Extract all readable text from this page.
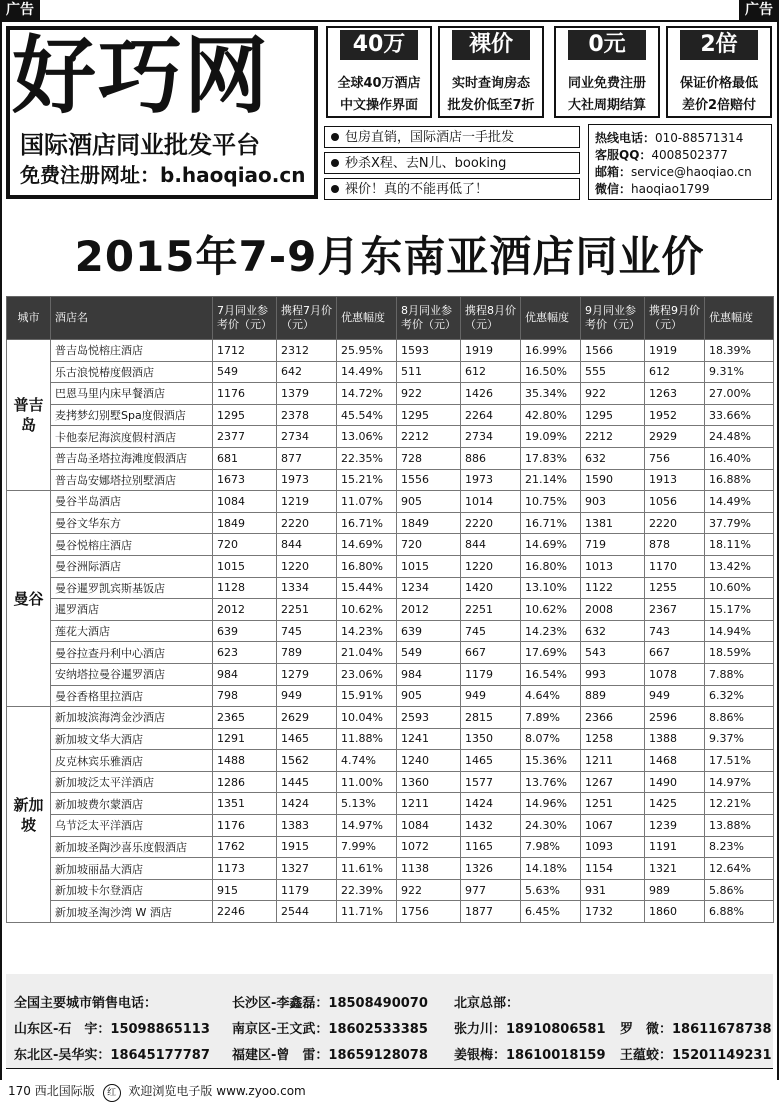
广告	广告
好巧网
国际酒店同业批发平台
免费注册网址：b.haoqiao.cn
40万
全球40万酒店
中文操作界面
裸价
实时查询房态
批发价低至7折
0元
同业免费注册
大社周期结算
2倍
保证价格最低
差价2倍赔付
包房直销，国际酒店一手批发
秒杀X程、去N儿、booking
裸价！真的不能再低了！
热线电话：010-88571314
客服QQ：4008502377
邮箱：service@haoqiao.cn
微信：haoqiao1799
2015年7-9月东南亚酒店同业价
城市	酒店名	7月同业参考价（元）	携程7月价（元）	优惠幅度	8月同业参考价（元）	携程8月价（元）	优惠幅度	9月同业参考价（元）	携程9月价（元）	优惠幅度
普吉岛	普吉岛悦榕庄酒店	1712	2312	25.95%	1593	1919	16.99%	1566	1919	18.39%
	乐古浪悦椿度假酒店	549	642	14.49%	511	612	16.50%	555	612	9.31%
	巴恩马里内床早餐酒店	1176	1379	14.72%	922	1426	35.34%	922	1263	27.00%
	麦拷梦幻别墅Spa度假酒店	1295	2378	45.54%	1295	2264	42.80%	1295	1952	33.66%
	卡他泰尼海滨度假村酒店	2377	2734	13.06%	2212	2734	19.09%	2212	2929	24.48%
	普吉岛圣塔拉海滩度假酒店	681	877	22.35%	728	886	17.83%	632	756	16.40%
	普吉岛安娜塔拉别墅酒店	1673	1973	15.21%	1556	1973	21.14%	1590	1913	16.88%
曼谷	曼谷半岛酒店	1084	1219	11.07%	905	1014	10.75%	903	1056	14.49%
	曼谷文华东方	1849	2220	16.71%	1849	2220	16.71%	1381	2220	37.79%
	曼谷悦榕庄酒店	720	844	14.69%	720	844	14.69%	719	878	18.11%
	曼谷洲际酒店	1015	1220	16.80%	1015	1220	16.80%	1013	1170	13.42%
	曼谷暹罗凯宾斯基饭店	1128	1334	15.44%	1234	1420	13.10%	1122	1255	10.60%
	暹罗酒店	2012	2251	10.62%	2012	2251	10.62%	2008	2367	15.17%
	莲花大酒店	639	745	14.23%	639	745	14.23%	632	743	14.94%
	曼谷拉查丹利中心酒店	623	789	21.04%	549	667	17.69%	543	667	18.59%
	安纳塔拉曼谷暹罗酒店	984	1279	23.06%	984	1179	16.54%	993	1078	7.88%
	曼谷香格里拉酒店	798	949	15.91%	905	949	4.64%	889	949	6.32%
新加坡	新加坡滨海湾金沙酒店	2365	2629	10.04%	2593	2815	7.89%	2366	2596	8.86%
	新加坡文华大酒店	1291	1465	11.88%	1241	1350	8.07%	1258	1388	9.37%
	皮克林宾乐雅酒店	1488	1562	4.74%	1240	1465	15.36%	1211	1468	17.51%
	新加坡泛太平洋酒店	1286	1445	11.00%	1360	1577	13.76%	1267	1490	14.97%
	新加坡费尔蒙酒店	1351	1424	5.13%	1211	1424	14.96%	1251	1425	12.21%
	乌节泛太平洋酒店	1176	1383	14.97%	1084	1432	24.30%	1067	1239	13.88%
	新加坡圣陶沙喜乐度假酒店	1762	1915	7.99%	1072	1165	7.98%	1093	1191	8.23%
	新加坡丽晶大酒店	1173	1327	11.61%	1138	1326	14.18%	1154	1321	12.64%
	新加坡卡尔登酒店	915	1179	22.39%	922	977	5.63%	931	989	5.86%
	新加坡圣淘沙湾 W 酒店	2246	2544	11.71%	1756	1877	6.45%	1732	1860	6.88%
全国主要城市销售电话：	长沙区-李鑫磊：18508490070 北京总部：
山东区-石　宇：15098865113 南京区-王文武：18602533385 张力川：18910806581 罗　微：18611678738
东北区-吴华实：18645177787 福建区-曾　雷：18659128078 姜银梅：18610018159 王蕴蛟：15201149231
170 西北国际版 红 欢迎浏览电子版 www.zyoo.com
